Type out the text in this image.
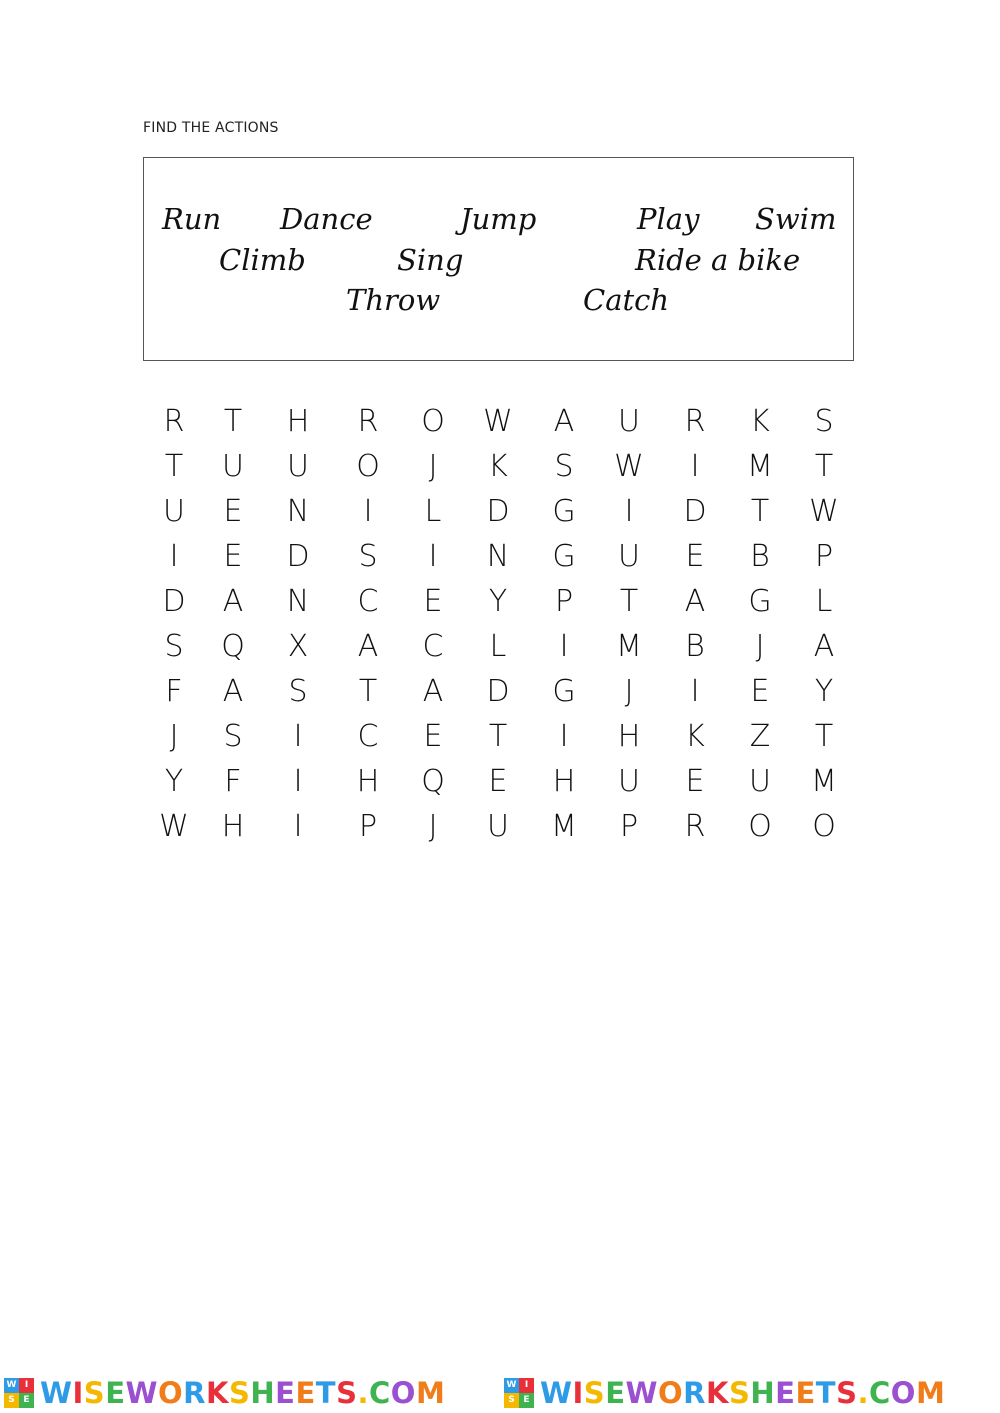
FIND THE ACTIONS
Run Dance	Jump	Play Swim
Climb	Sing	Ride a bike
Throw	Catch
R	T	H	R	O	W	A	U	R	K	S
T	U	U	O	J	K	S	W	I	M	T
U	E	N	I	L	D	G	I	D	T	W
I	E	D	S	I	N	G	U	E	B	P
D	A	N	C	E	Y	P	T	A	G	L
S	Q	X	A	C	L	I	M	B	J	A
F	A	S	T	A	D	G	J	I	E	Y
J	S	I	C	E	T	I	H	K	Z	T
Y	F	I	H	Q	E	H	U	E	U	M
W	H	I	P	J	U	M	P	R	O	O
W I
S E WISEWORKSHEETS.COM	W I
S E WISEWORKSHEETS.COM
